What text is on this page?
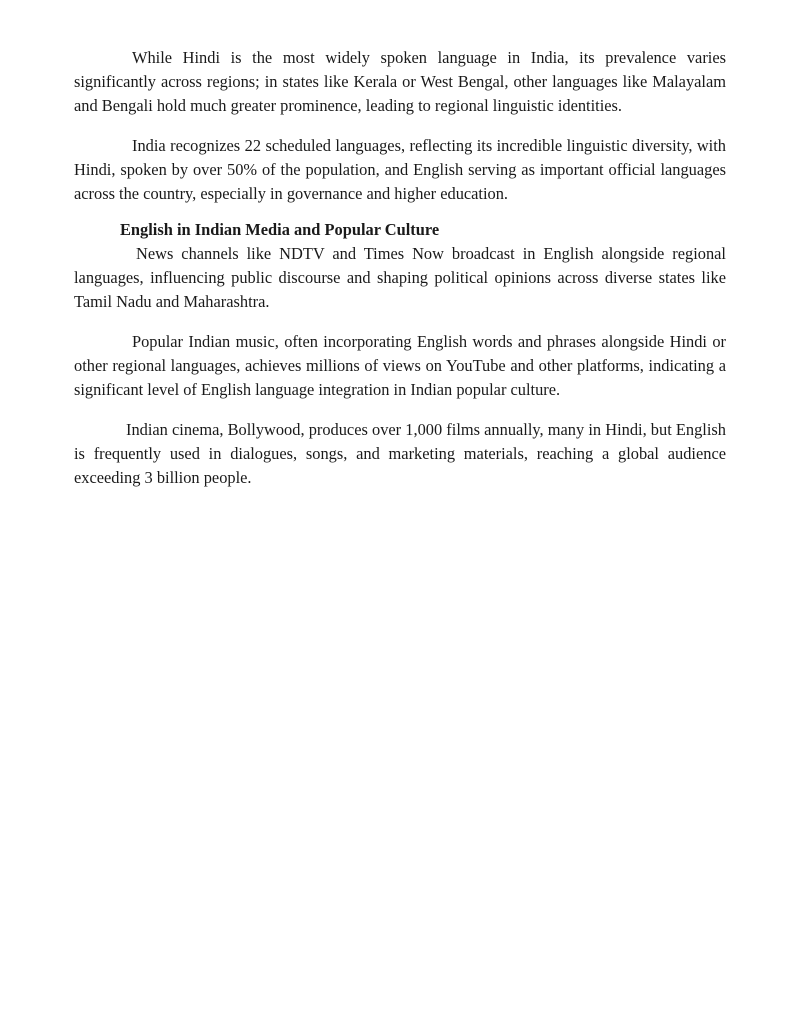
While Hindi is the most widely spoken language in India, its prevalence varies significantly across regions; in states like Kerala or West Bengal, other languages like Malayalam and Bengali hold much greater prominence, leading to regional linguistic identities.

India recognizes 22 scheduled languages, reflecting its incredible linguistic diversity, with Hindi, spoken by over 50% of the population, and English serving as important official languages across the country, especially in governance and higher education.

English in Indian Media and Popular Culture

News channels like NDTV and Times Now broadcast in English alongside regional languages, influencing public discourse and shaping political opinions across diverse states like Tamil Nadu and Maharashtra.

Popular Indian music, often incorporating English words and phrases alongside Hindi or other regional languages, achieves millions of views on YouTube and other platforms, indicating a significant level of English language integration in Indian popular culture.

Indian cinema, Bollywood, produces over 1,000 films annually, many in Hindi, but English is frequently used in dialogues, songs, and marketing materials, reaching a global audience exceeding 3 billion people.
